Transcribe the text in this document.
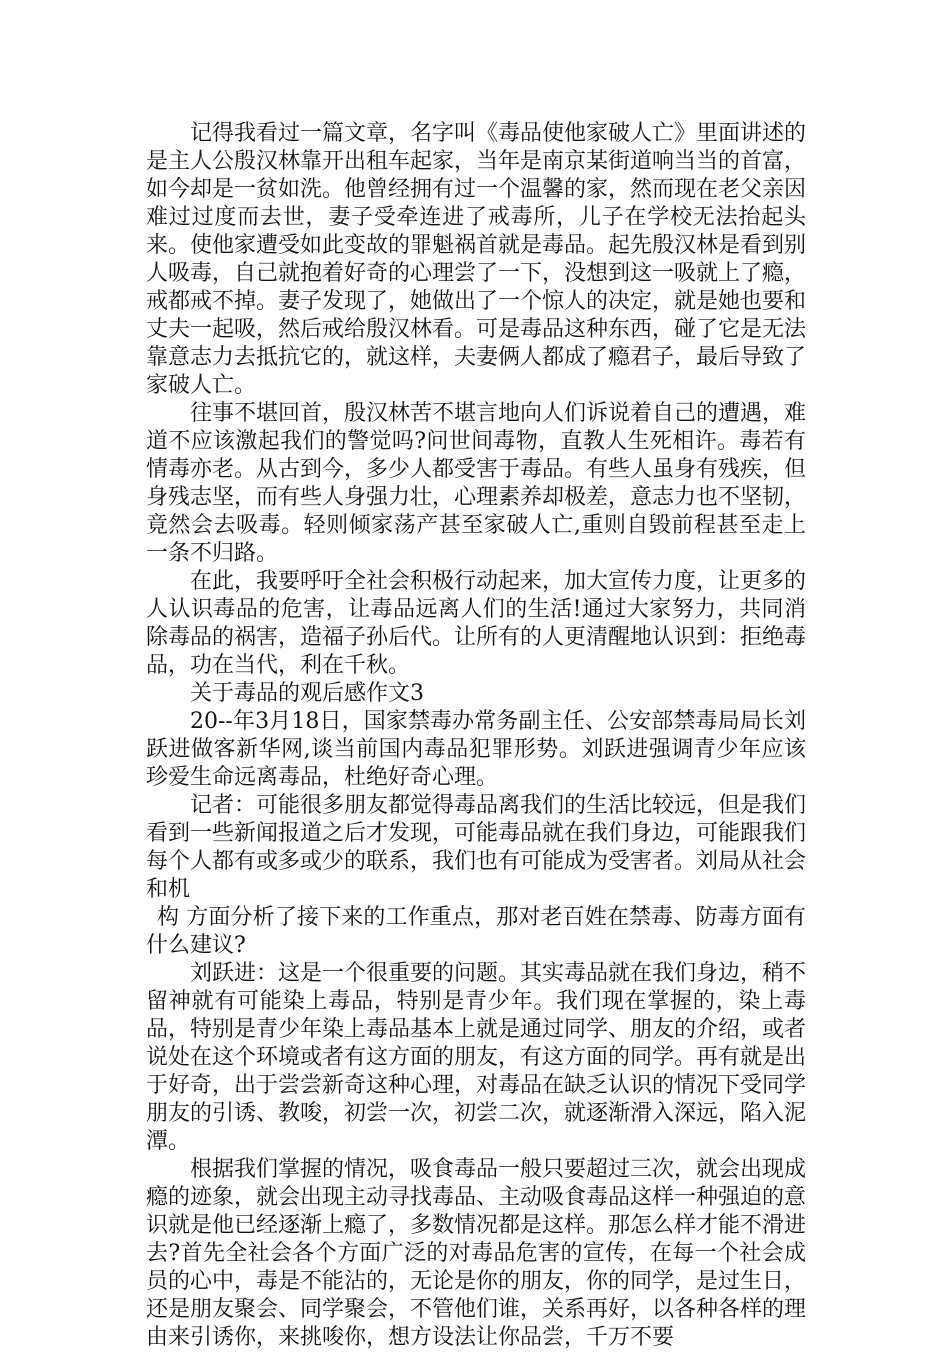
记得我看过一篇文章，名字叫《毒品使他家破人亡》里面讲述的是主人公殷汉林靠开出租车起家，当年是南京某街道响当当的首富，如今却是一贫如洗。他曾经拥有过一个温馨的家，然而现在老父亲因难过过度而去世，妻子受牵连进了戒毒所，儿子在学校无法抬起头来。使他家遭受如此变故的罪魁祸首就是毒品。起先殷汉林是看到别人吸毒，自己就抱着好奇的心理尝了一下，没想到这一吸就上了瘾，戒都戒不掉。妻子发现了，她做出了一个惊人的决定，就是她也要和丈夫一起吸，然后戒给殷汉林看。可是毒品这种东西，碰了它是无法靠意志力去抵抗它的，就这样，夫妻俩人都成了瘾君子，最后导致了家破人亡。

往事不堪回首，殷汉林苦不堪言地向人们诉说着自己的遭遇，难道不应该激起我们的警觉吗?问世间毒物，直教人生死相许。毒若有情毒亦老。从古到今，多少人都受害于毒品。有些人虽身有残疾，但身残志坚，而有些人身强力壮，心理素养却极差，意志力也不坚韧，竟然会去吸毒。轻则倾家荡产甚至家破人亡,重则自毁前程甚至走上一条不归路。

在此，我要呼吁全社会积极行动起来，加大宣传力度，让更多的人认识毒品的危害，让毒品远离人们的生活!通过大家努力，共同消除毒品的祸害，造福子孙后代。让所有的人更清醒地认识到：拒绝毒品，功在当代，利在千秋。

关于毒品的观后感作文3

20--年3月18日，国家禁毒办常务副主任、公安部禁毒局局长刘跃进做客新华网,谈当前国内毒品犯罪形势。刘跃进强调青少年应该珍爱生命远离毒品，杜绝好奇心理。

记者：可能很多朋友都觉得毒品离我们的生活比较远，但是我们看到一些新闻报道之后才发现，可能毒品就在我们身边，可能跟我们每个人都有或多或少的联系，我们也有可能成为受害者。刘局从社会和机

构 方面分析了接下来的工作重点，那对老百姓在禁毒、防毒方面有什么建议?

刘跃进：这是一个很重要的问题。其实毒品就在我们身边，稍不留神就有可能染上毒品，特别是青少年。我们现在掌握的，染上毒品，特别是青少年染上毒品基本上就是通过同学、朋友的介绍，或者说处在这个环境或者有这方面的朋友，有这方面的同学。再有就是出于好奇，出于尝尝新奇这种心理，对毒品在缺乏认识的情况下受同学朋友的引诱、教唆，初尝一次，初尝二次，就逐渐滑入深远，陷入泥潭。

根据我们掌握的情况，吸食毒品一般只要超过三次，就会出现成瘾的迹象，就会出现主动寻找毒品、主动吸食毒品这样一种强迫的意识就是他已经逐渐上瘾了，多数情况都是这样。那怎么样才能不滑进去?首先全社会各个方面广泛的对毒品危害的宣传，在每一个社会成员的心中，毒是不能沾的，无论是你的朋友，你的同学，是过生日，还是朋友聚会、同学聚会，不管他们谁，关系再好，以各种各样的理由来引诱你，来挑唆你，想方设法让你品尝，千万不要
